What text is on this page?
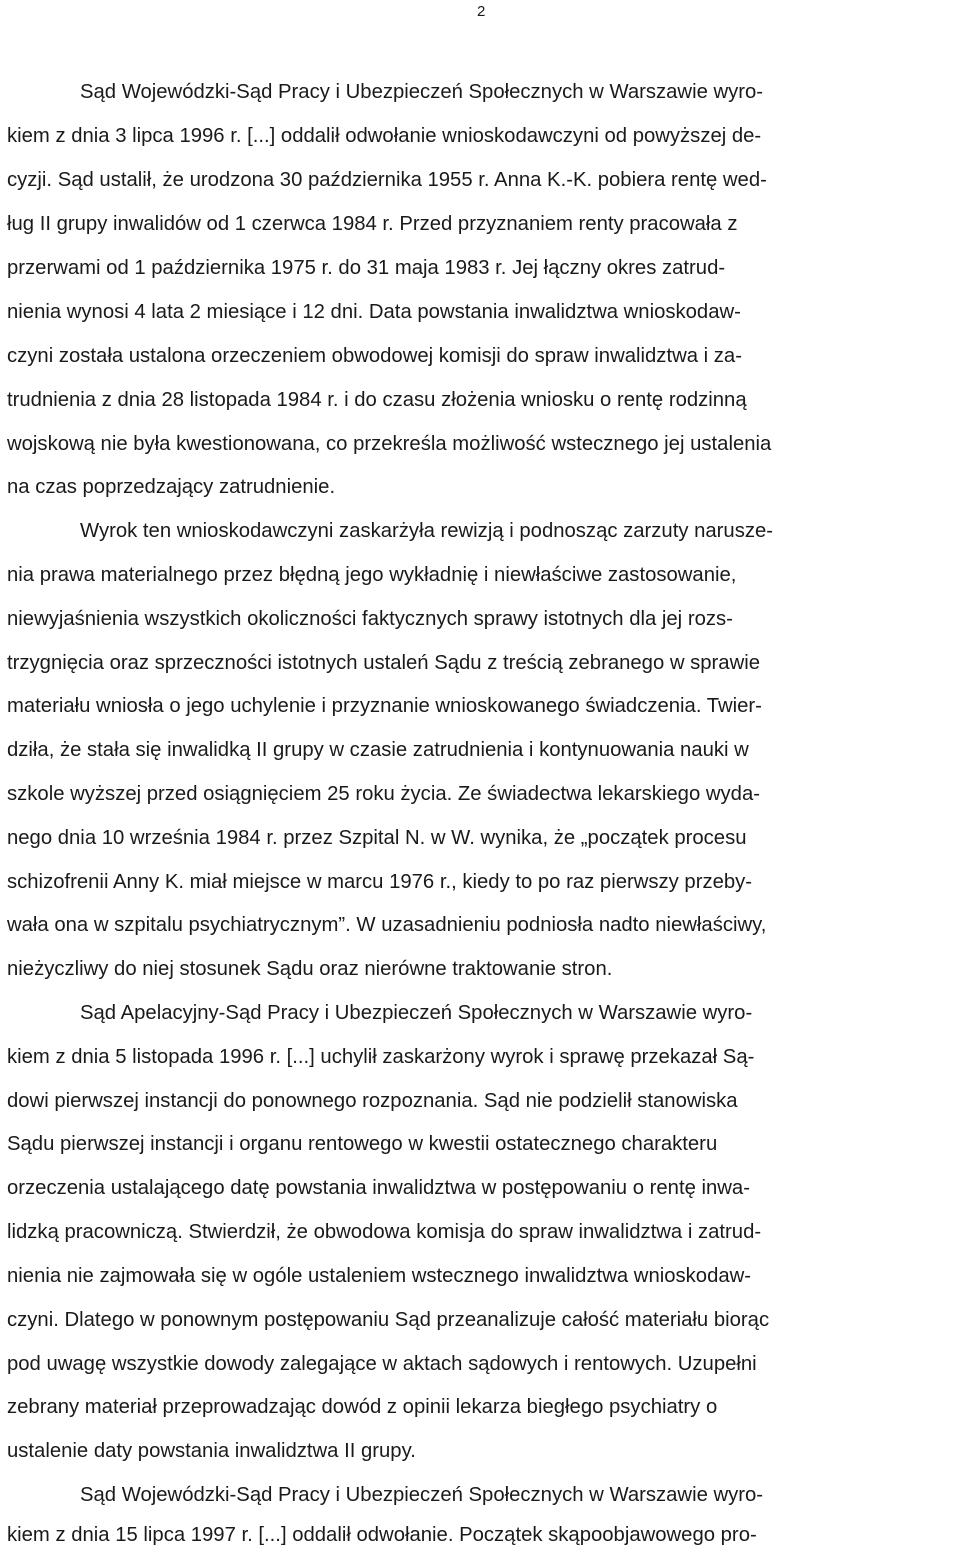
2
Sąd Wojewódzki-Sąd Pracy i Ubezpieczeń Społecznych w Warszawie wyro-
kiem z dnia 3 lipca 1996 r. [...] oddalił odwołanie wnioskodawczyni od powyższej de-
cyzji. Sąd ustalił, że urodzona 30 października 1955 r. Anna K.-K. pobiera rentę wed-
ług II grupy inwalidów od 1 czerwca 1984 r. Przed przyznaniem renty pracowała z
przerwami od 1 października 1975 r. do 31 maja 1983 r. Jej łączny okres zatrud-
nienia wynosi 4 lata 2 miesiące i 12 dni. Data powstania inwalidztwa wnioskodaw-
czyni została ustalona orzeczeniem obwodowej komisji do spraw inwalidztwa i za-
trudnienia z dnia 28 listopada 1984 r. i do czasu złożenia wniosku o rentę rodzinną
wojskową nie była kwestionowana, co przekreśla możliwość wstecznego jej ustalenia
na czas poprzedzający zatrudnienie.
Wyrok ten wnioskodawczyni zaskarżyła rewizją i podnosząc zarzuty narusze-
nia prawa materialnego przez błędną jego wykładnię i niewłaściwe zastosowanie,
niewyjaśnienia wszystkich okoliczności faktycznych sprawy istotnych dla jej rozs-
trzygnięcia oraz sprzeczności istotnych ustaleń Sądu z treścią zebranego w sprawie
materiału wniosła o jego uchylenie i przyznanie wnioskowanego świadczenia. Twier-
dziła, że stała się inwalidką II grupy w czasie zatrudnienia i kontynuowania nauki w
szkole wyższej przed osiągnięciem 25 roku życia. Ze świadectwa lekarskiego wyda-
nego dnia 10 września 1984 r. przez Szpital N. w W. wynika, że „początek procesu
schizofrenii Anny K. miał miejsce w marcu 1976 r., kiedy to po raz pierwszy przeby-
wała ona w szpitalu psychiatrycznym”. W uzasadnieniu podniosła nadto niewłaściwy,
nieżyczliwy do niej stosunek Sądu oraz nierówne traktowanie stron.
Sąd Apelacyjny-Sąd Pracy i Ubezpieczeń Społecznych w Warszawie wyro-
kiem z dnia 5 listopada 1996 r. [...] uchylił zaskarżony wyrok i sprawę przekazał Są-
dowi pierwszej instancji do ponownego rozpoznania. Sąd nie podzielił stanowiska
Sądu pierwszej instancji i organu rentowego w kwestii ostatecznego charakteru
orzeczenia ustalającego datę powstania inwalidztwa w postępowaniu o rentę inwa-
lidzką pracowniczą. Stwierdził, że obwodowa komisja do spraw inwalidztwa i zatrud-
nienia nie zajmowała się w ogóle ustaleniem wstecznego inwalidztwa wnioskodaw-
czyni. Dlatego w ponownym postępowaniu Sąd przeanalizuje całość materiału biorąc
pod uwagę wszystkie dowody zalegające w aktach sądowych i rentowych. Uzupełni
zebrany materiał przeprowadzając dowód z opinii lekarza biegłego psychiatry o
ustalenie daty powstania inwalidztwa II grupy.
Sąd Wojewódzki-Sąd Pracy i Ubezpieczeń Społecznych w Warszawie wyro-
kiem z dnia 15 lipca 1997 r. [...] oddalił odwołanie. Początek skąpoobjawowego pro-
